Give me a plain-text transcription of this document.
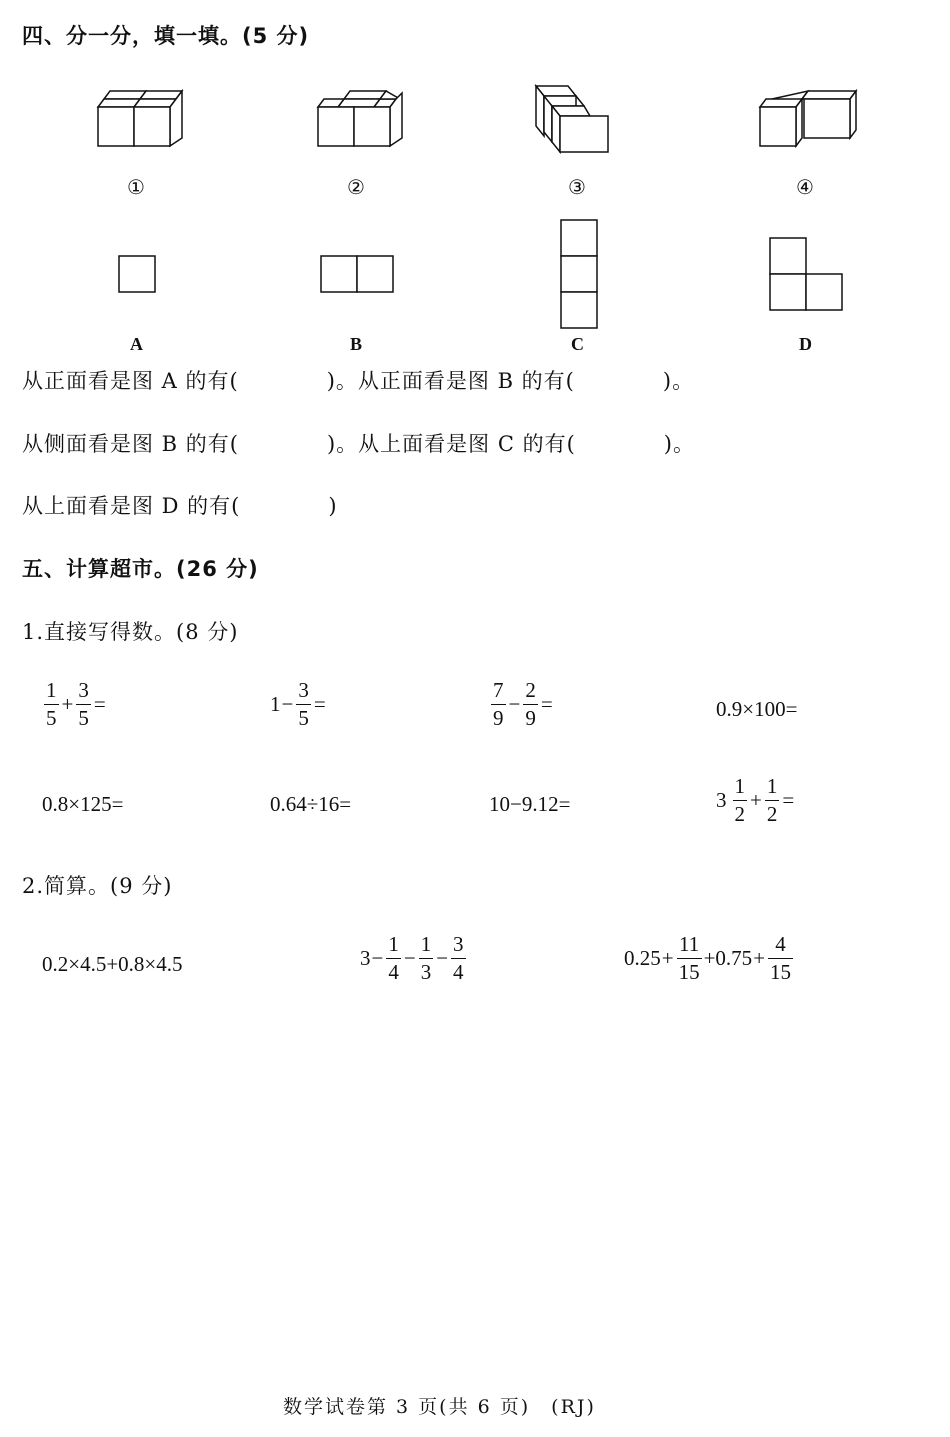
四、分一分，填一填。(5 分)
①	②	③	④
A	B	C	D
从正面看是图 A 的有(　　　　)。从正面看是图 B 的有(　　　　)。
从侧面看是图 B 的有(　　　　)。从上面看是图 C 的有(　　　　)。
从上面看是图 D 的有(　　　　)
五、计算超市。(26 分)
1.直接写得数。(8 分)
$\frac{1}{5} + \frac{3}{5}$ =	$1 - \frac{3}{5}$ =	$\frac{7}{9} - \frac{2}{9}$ =	0.9×100=
0.8×125=	0.64÷16=	10−9.12=	$3 \frac{1}{2} + \frac{1}{2}$ =
2.简算。(9 分)
0.2×4.5+0.8×4.5	$3 - \frac{1}{4} - \frac{1}{3} - \frac{3}{4}$	$0.25 + \frac{11}{15} +0.75 + \frac{4}{15}$
数学试卷第 3 页(共 6 页)　(RJ)
